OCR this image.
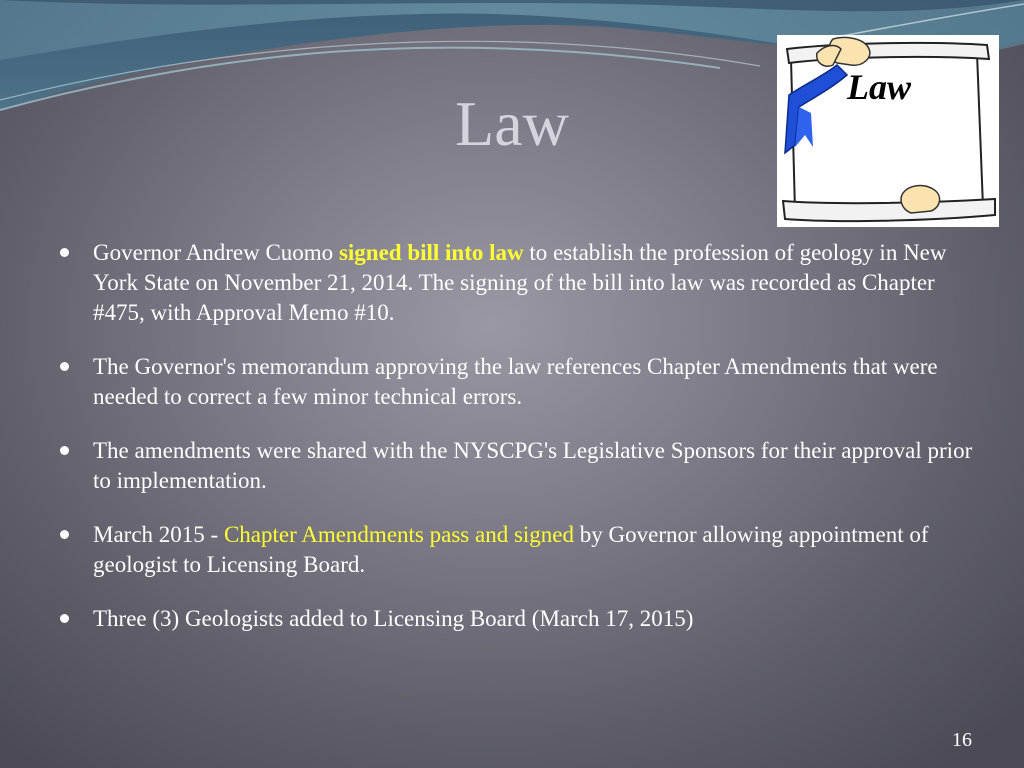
Law
Law
Governor Andrew Cuomo signed bill into law to establish the profession of geology in New York State on November 21, 2014. The signing of the bill into law was recorded as Chapter #475, with Approval Memo #10.
The Governor's memorandum approving the law references Chapter Amendments that were needed to correct a few minor technical errors.
The amendments were shared with the NYSCPG's Legislative Sponsors for their approval prior to implementation.
March 2015 - Chapter Amendments pass and signed by Governor allowing appointment of geologist to Licensing Board.
Three (3) Geologists added to Licensing Board (March 17, 2015)
16
